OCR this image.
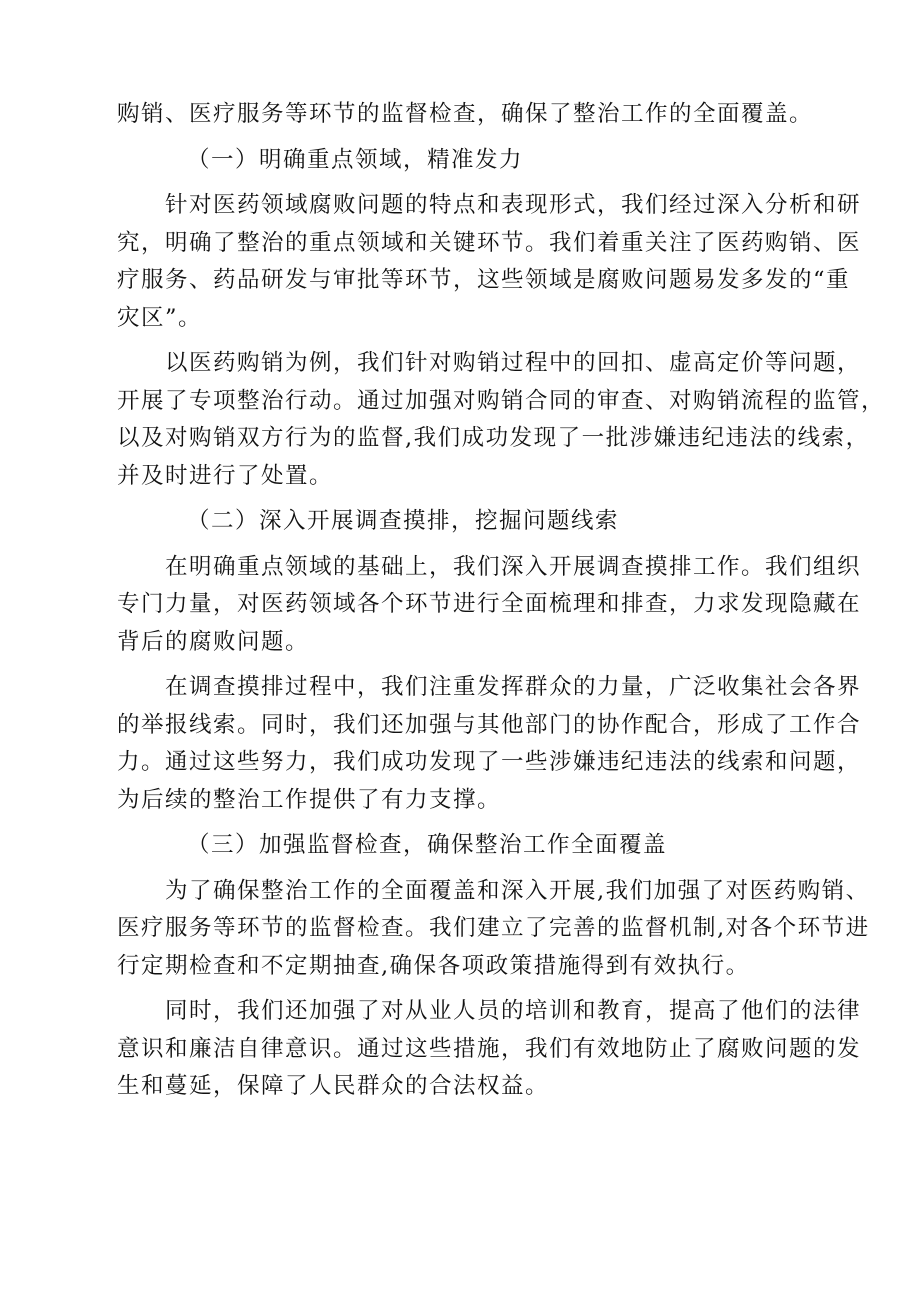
购销、医疗服务等环节的监督检查，确保了整治工作的全面覆盖。
（一）明确重点领域，精准发力
针对医药领域腐败问题的特点和表现形式，我们经过深入分析和研
究，明确了整治的重点领域和关键环节。我们着重关注了医药购销、医
疗服务、药品研发与审批等环节，这些领域是腐败问题易发多发的“重
灾区”。
以医药购销为例，我们针对购销过程中的回扣、虚高定价等问题，
开展了专项整治行动。通过加强对购销合同的审查、对购销流程的监管，
以及对购销双方行为的监督,我们成功发现了一批涉嫌违纪违法的线索，
并及时进行了处置。
（二）深入开展调查摸排，挖掘问题线索
在明确重点领域的基础上，我们深入开展调查摸排工作。我们组织
专门力量，对医药领域各个环节进行全面梳理和排查，力求发现隐藏在
背后的腐败问题。
在调查摸排过程中，我们注重发挥群众的力量，广泛收集社会各界
的举报线索。同时，我们还加强与其他部门的协作配合，形成了工作合
力。通过这些努力，我们成功发现了一些涉嫌违纪违法的线索和问题，
为后续的整治工作提供了有力支撑。
（三）加强监督检查，确保整治工作全面覆盖
为了确保整治工作的全面覆盖和深入开展,我们加强了对医药购销、
医疗服务等环节的监督检查。我们建立了完善的监督机制,对各个环节进
行定期检查和不定期抽查,确保各项政策措施得到有效执行。
同时，我们还加强了对从业人员的培训和教育，提高了他们的法律
意识和廉洁自律意识。通过这些措施，我们有效地防止了腐败问题的发
生和蔓延，保障了人民群众的合法权益。
